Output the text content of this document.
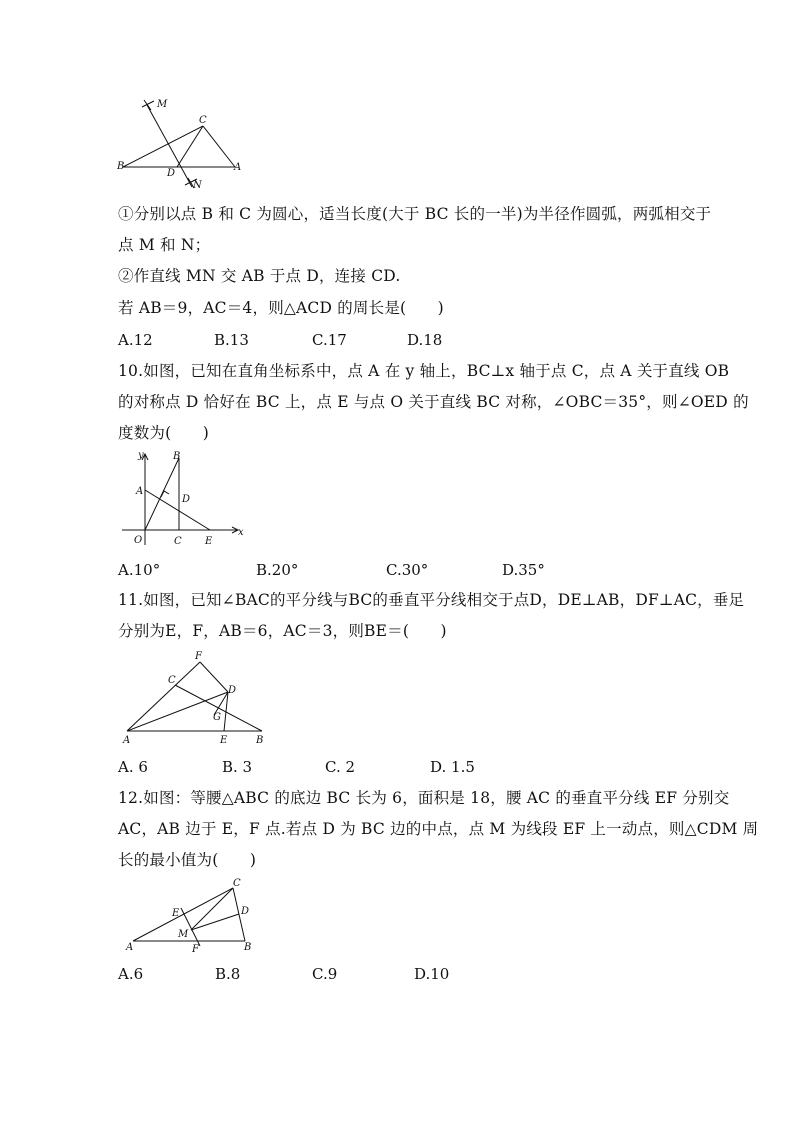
M
C
B
D
A
N
①分别以点 B 和 C 为圆心，适当长度(大于 BC 长的一半)为半径作圆弧，两弧相交于
点 M 和 N；
②作直线 MN 交 AB 于点 D，连接 CD.
若 AB＝9，AC＝4，则△ACD 的周长是(　　)
A.12	B.13	C.17	D.18
10.如图，已知在直角坐标系中，点 A 在 y 轴上，BC⊥x 轴于点 C，点 A 关于直线 OB
的对称点 D 恰好在 BC 上，点 E 与点 O 关于直线 BC 对称，∠OBC＝35°，则∠OED 的
度数为(　　)
y	B
A
D
O	C E
x
A.10°	B.20°	C.30°	D.35°
11.如图，已知∠BAC的平分线与BC的垂直平分线相交于点D，DE⊥AB，DF⊥AC，垂足
分别为E，F，AB＝6，AC＝3，则BE＝(　　)
F
C
D
G
A	E	B
A. 6	B. 3	C. 2	D. 1.5
12.如图：等腰△ABC 的底边 BC 长为 6，面积是 18，腰 AC 的垂直平分线 EF 分别交
AC，AB 边于 E，F 点.若点 D 为 BC 边的中点，点 M 为线段 EF 上一动点，则△CDM 周
长的最小值为(　　)
C
E	D
M
F
A	B
A.6	B.8	C.9	D.10
